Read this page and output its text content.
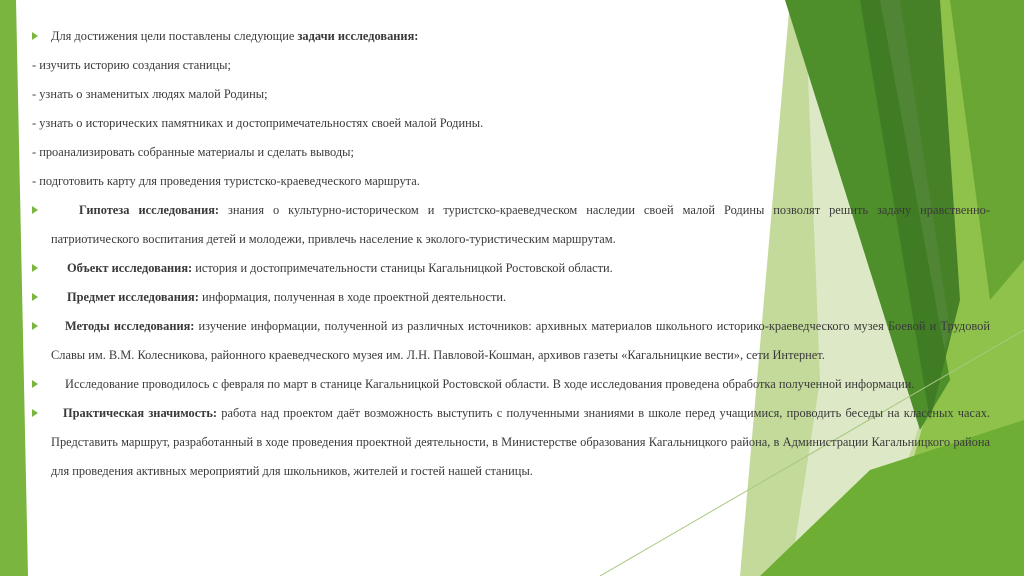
Для достижения цели поставлены следующие задачи исследования:
- изучить историю создания станицы;
- узнать о знаменитых людях малой Родины;
- узнать о исторических памятниках и достопримечательностях своей малой Родины.
- проанализировать собранные материалы и сделать выводы;
- подготовить карту для проведения туристско-краеведческого маршрута.
Гипотеза исследования: знания о культурно-историческом и туристско-краеведческом наследии своей малой Родины позволят решить задачу нравственно-патриотического воспитания детей и молодежи, привлечь население к эколого-туристическим маршрутам.
Объект исследования: история и достопримечательности станицы Кагальницкой Ростовской области.
Предмет исследования: информация, полученная в ходе проектной деятельности.
Методы исследования: изучение информации, полученной из различных источников: архивных материалов школьного историко-краеведческого музея Боевой и Трудовой Славы им. В.М. Колесникова, районного краеведческого музея им. Л.Н. Павловой-Кошман, архивов газеты «Кагальницкие вести», сети Интернет.
Исследование проводилось с февраля по март в станице Кагальницкой Ростовской области. В ходе исследования проведена обработка полученной информации.
Практическая значимость: работа над проектом даёт возможность выступить с полученными знаниями в школе перед учащимися, проводить беседы на классных часах. Представить маршрут, разработанный в ходе проведения проектной деятельности, в Министерстве образования Кагальницкого района, в Администрации Кагальницкого района для проведения активных мероприятий для школьников, жителей и гостей нашей станицы.
